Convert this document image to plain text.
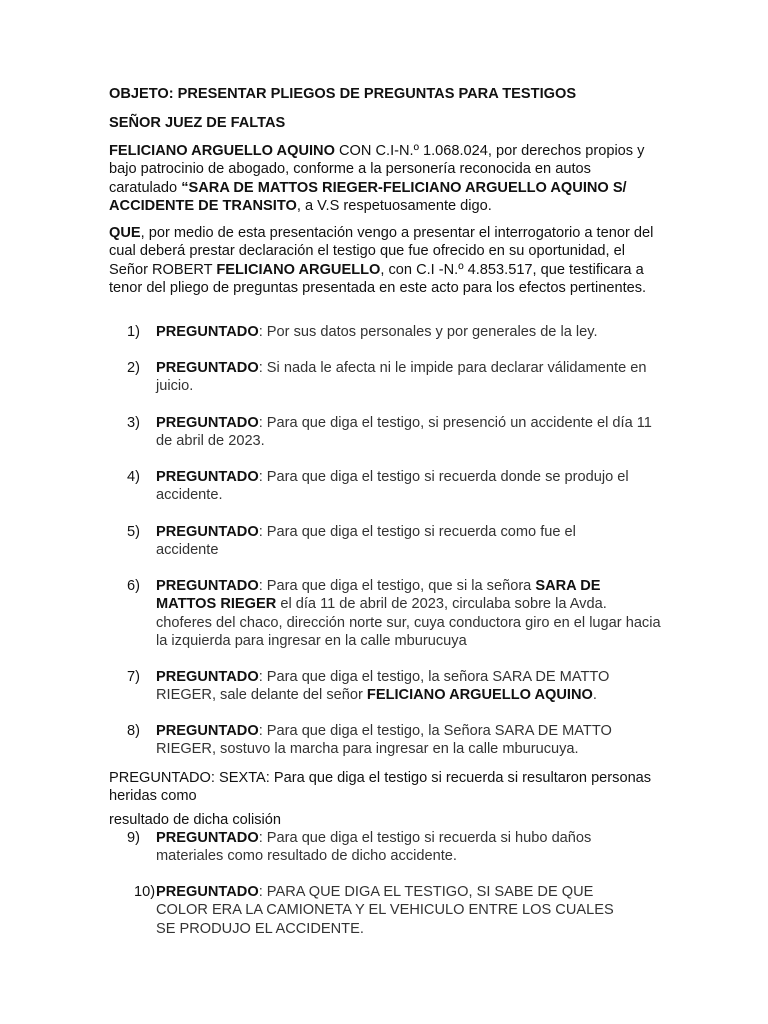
OBJETO: PRESENTAR PLIEGOS DE PREGUNTAS PARA TESTIGOS
SEÑOR JUEZ DE FALTAS
FELICIANO ARGUELLO AQUINO CON C.I-N.º 1.068.024, por derechos propios y bajo patrocinio de abogado, conforme a la personería reconocida en autos caratulado “SARA DE MATTOS RIEGER-FELICIANO ARGUELLO AQUINO S/ ACCIDENTE DE TRANSITO, a V.S respetuosamente digo.
QUE, por medio de esta presentación vengo a presentar el interrogatorio a tenor del cual deberá prestar declaración el testigo que fue ofrecido en su oportunidad, el Señor ROBERT FELICIANO ARGUELLO, con C.I -N.º 4.853.517, que testificara a tenor del pliego de preguntas presentada en este acto para los efectos pertinentes.
1)	PREGUNTADO: Por sus datos personales y por generales de la ley.
2)	PREGUNTADO: Si nada le afecta ni le impide para declarar válidamente en juicio.
3)	PREGUNTADO: Para que diga el testigo, si presenció un accidente el día 11 de abril de 2023.
4)	PREGUNTADO: Para que diga el testigo si recuerda donde se produjo el accidente.
5)	PREGUNTADO: Para que diga el testigo si recuerda como fue el accidente
6)	PREGUNTADO: Para que diga el testigo, que si la señora SARA DE MATTOS RIEGER el día 11 de abril de 2023, circulaba sobre la Avda. choferes del chaco, dirección norte sur, cuya conductora giro en el lugar hacia la izquierda para ingresar en la calle mburucuya
7)	PREGUNTADO: Para que diga el testigo, la señora SARA DE MATTO RIEGER, sale delante del señor FELICIANO ARGUELLO AQUINO.
8)	PREGUNTADO: Para que diga el testigo, la Señora SARA DE MATTO RIEGER, sostuvo la marcha para ingresar en la calle mburucuya.
PREGUNTADO: SEXTA: Para que diga el testigo si recuerda si resultaron personas heridas como
resultado de dicha colisión
9)	PREGUNTADO: Para que diga el testigo si recuerda si hubo daños materiales como resultado de dicho accidente.
10) PREGUNTADO: PARA QUE DIGA EL TESTIGO, SI SABE DE QUE COLOR ERA LA CAMIONETA Y EL VEHICULO ENTRE LOS CUALES SE PRODUJO EL ACCIDENTE.
